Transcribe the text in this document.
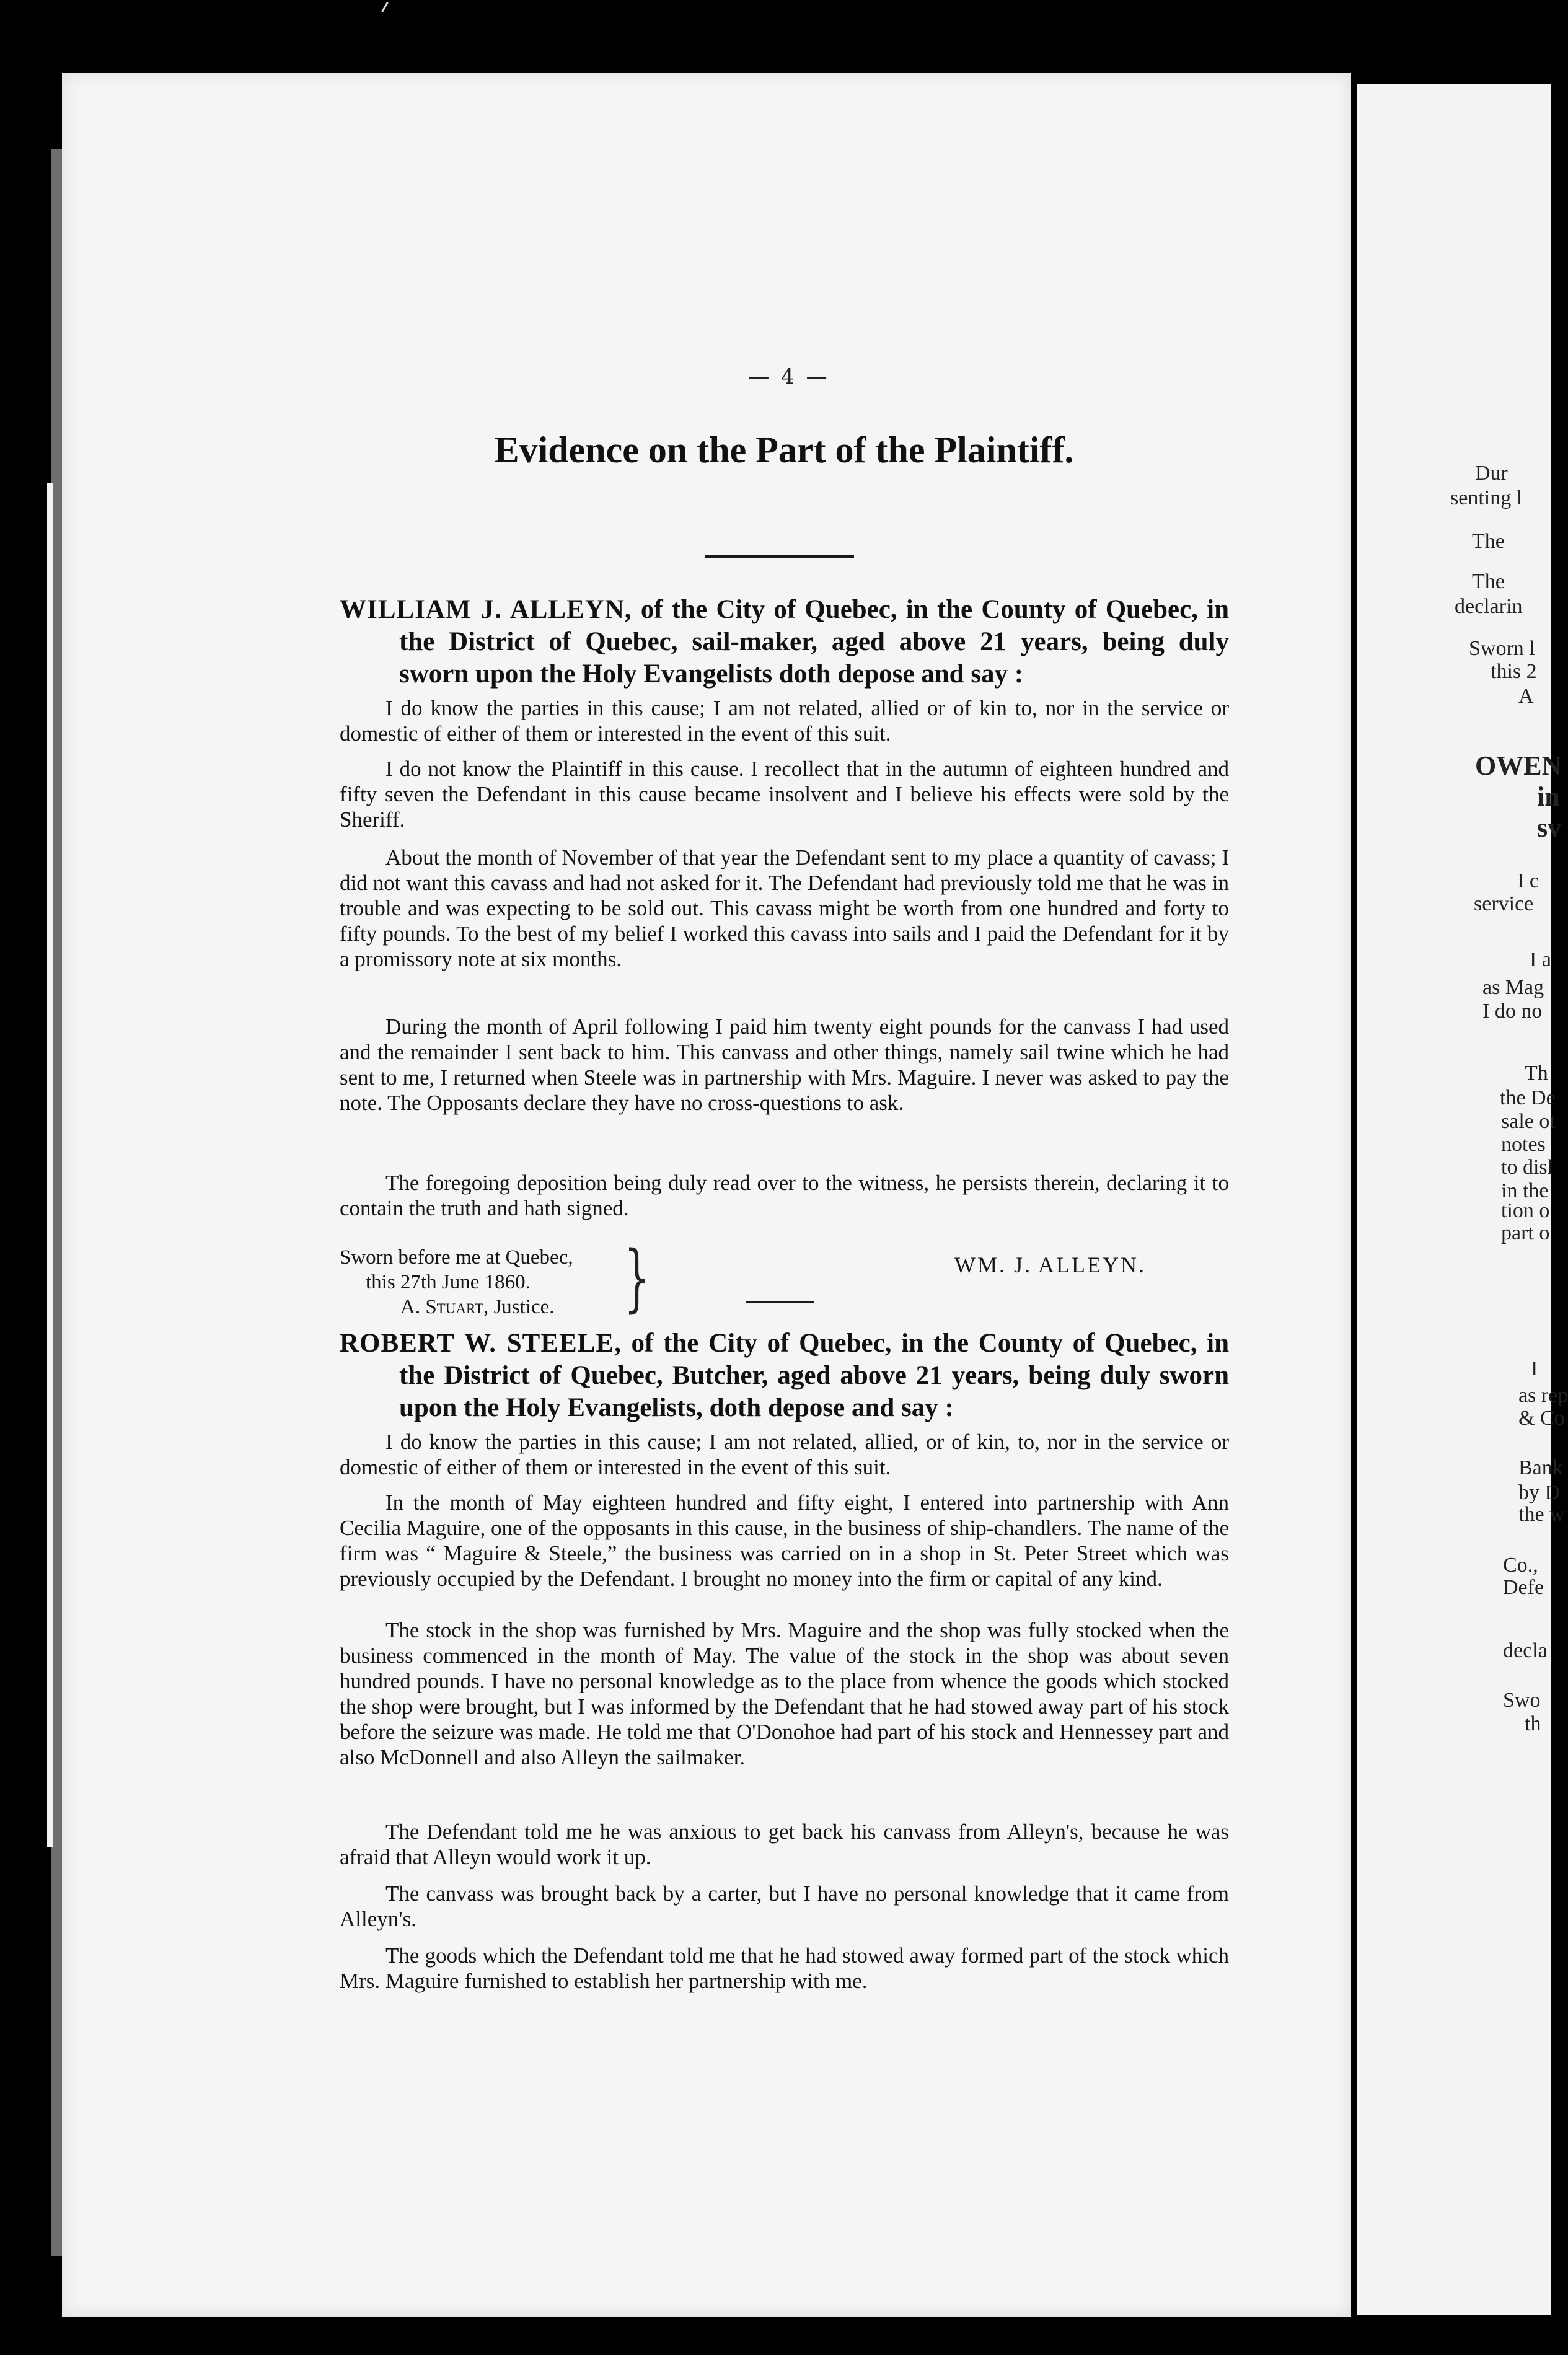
Dur
senting l
The
The
declarin
Sworn l
this 2
A
OWEN
in
sv
I c
service
I a
as Mag
I do no
Th
the De
sale ot
notes
to disl
in the
tion o
part o
I
as rep
& Co
Bank
by D
the w
Co.,
Defe
decla
Swo
th
— 4 —
Evidence on the Part of the Plaintiff.
WILLIAM J. ALLEYN, of the City of Quebec, in the County of Quebec, in the District of Quebec, sail-maker, aged above 21 years, being duly sworn upon the Holy Evangelists doth depose and say :
I do know the parties in this cause; I am not related, allied or of kin to, nor in the service or domestic of either of them or interested in the event of this suit.
I do not know the Plaintiff in this cause. I recollect that in the autumn of eighteen hundred and fifty seven the Defendant in this cause became insolvent and I believe his effects were sold by the Sheriff.
About the month of November of that year the Defendant sent to my place a quantity of cavass; I did not want this cavass and had not asked for it. The Defendant had previously told me that he was in trouble and was expecting to be sold out. This cavass might be worth from one hundred and forty to fifty pounds. To the best of my belief I worked this cavass into sails and I paid the Defendant for it by a promissory note at six months.
During the month of April following I paid him twenty eight pounds for the canvass I had used and the remainder I sent back to him. This canvass and other things, namely sail twine which he had sent to me, I returned when Steele was in partnership with Mrs. Maguire. I never was asked to pay the note. The Opposants declare they have no cross-questions to ask.
The foregoing deposition being duly read over to the witness, he persists therein, declaring it to contain the truth and hath signed.
Sworn before me at Quebec,
this 27th June 1860.
A. Stuart, Justice. }	WM. J. ALLEYN.
ROBERT W. STEELE, of the City of Quebec, in the County of Quebec, in the District of Quebec, Butcher, aged above 21 years, being duly sworn upon the Holy Evangelists, doth depose and say :
I do know the parties in this cause; I am not related, allied, or of kin, to, nor in the service or domestic of either of them or interested in the event of this suit.
In the month of May eighteen hundred and fifty eight, I entered into partnership with Ann Cecilia Maguire, one of the opposants in this cause, in the business of ship-chandlers. The name of the firm was “ Maguire & Steele,” the business was carried on in a shop in St. Peter Street which was previously occupied by the Defendant. I brought no money into the firm or capital of any kind.
The stock in the shop was furnished by Mrs. Maguire and the shop was fully stocked when the business commenced in the month of May. The value of the stock in the shop was about seven hundred pounds. I have no personal knowledge as to the place from whence the goods which stocked the shop were brought, but I was informed by the Defendant that he had stowed away part of his stock before the seizure was made. He told me that O'Donohoe had part of his stock and Hennessey part and also McDonnell and also Alleyn the sailmaker.
The Defendant told me he was anxious to get back his canvass from Alleyn's, because he was afraid that Alleyn would work it up.
The canvass was brought back by a carter, but I have no personal knowledge that it came from Alleyn's.
The goods which the Defendant told me that he had stowed away formed part of the stock which Mrs. Maguire furnished to establish her partnership with me.
